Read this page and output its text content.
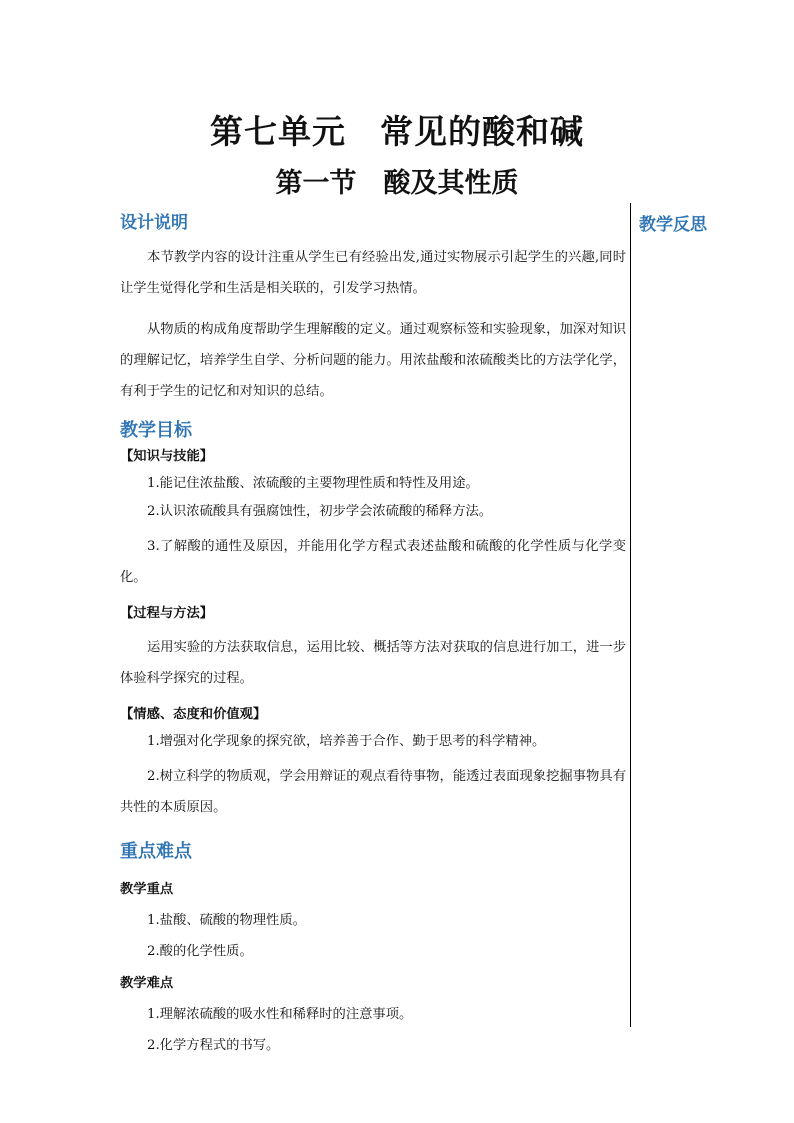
第七单元　常见的酸和碱
第一节　酸及其性质
教学反思

设计说明

本节教学内容的设计注重从学生已有经验出发,通过实物展示引起学生的兴趣,同时让学生觉得化学和生活是相关联的，引发学习热情。

从物质的构成角度帮助学生理解酸的定义。通过观察标签和实验现象，加深对知识的理解记忆，培养学生自学、分析问题的能力。用浓盐酸和浓硫酸类比的方法学化学，有利于学生的记忆和对知识的总结。

教学目标

【知识与技能】

1.能记住浓盐酸、浓硫酸的主要物理性质和特性及用途。

2.认识浓硫酸具有强腐蚀性，初步学会浓硫酸的稀释方法。

3.了解酸的通性及原因，并能用化学方程式表述盐酸和硫酸的化学性质与化学变化。

【过程与方法】

运用实验的方法获取信息，运用比较、概括等方法对获取的信息进行加工，进一步体验科学探究的过程。

【情感、态度和价值观】

1.增强对化学现象的探究欲，培养善于合作、勤于思考的科学精神。

2.树立科学的物质观，学会用辩证的观点看待事物，能透过表面现象挖掘事物具有共性的本质原因。

重点难点

教学重点

1.盐酸、硫酸的物理性质。

2.酸的化学性质。

教学难点

1.理解浓硫酸的吸水性和稀释时的注意事项。

2.化学方程式的书写。
